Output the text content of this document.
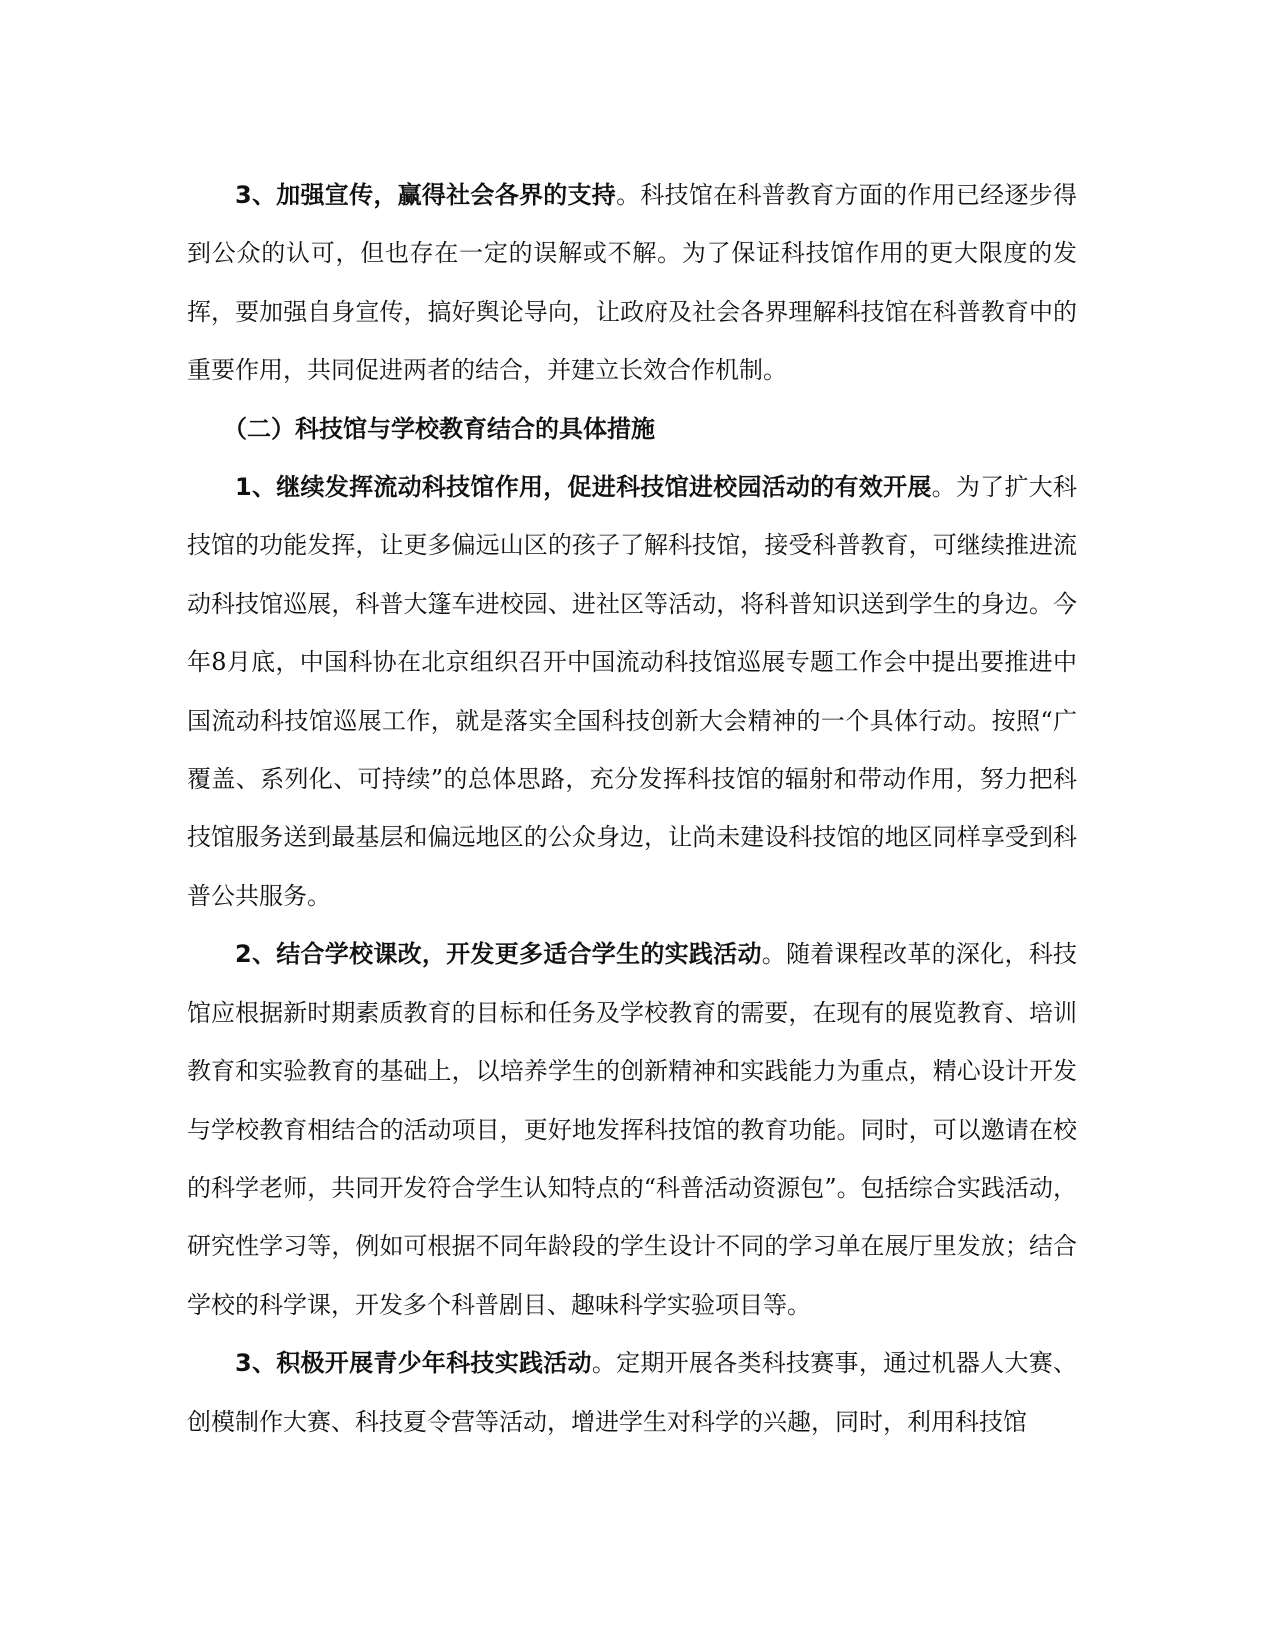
3、加强宣传，赢得社会各界的支持。科技馆在科普教育方面的作用已经逐步得到公众的认可，但也存在一定的误解或不解。为了保证科技馆作用的更大限度的发挥，要加强自身宣传，搞好舆论导向，让政府及社会各界理解科技馆在科普教育中的重要作用，共同促进两者的结合，并建立长效合作机制。

（二）科技馆与学校教育结合的具体措施

1、继续发挥流动科技馆作用，促进科技馆进校园活动的有效开展。为了扩大科技馆的功能发挥，让更多偏远山区的孩子了解科技馆，接受科普教育，可继续推进流动科技馆巡展，科普大篷车进校园、进社区等活动，将科普知识送到学生的身边。今年8月底，中国科协在北京组织召开中国流动科技馆巡展专题工作会中提出要推进中国流动科技馆巡展工作，就是落实全国科技创新大会精神的一个具体行动。按照“广覆盖、系列化、可持续”的总体思路，充分发挥科技馆的辐射和带动作用，努力把科技馆服务送到最基层和偏远地区的公众身边，让尚未建设科技馆的地区同样享受到科普公共服务。

2、结合学校课改，开发更多适合学生的实践活动。随着课程改革的深化，科技馆应根据新时期素质教育的目标和任务及学校教育的需要，在现有的展览教育、培训教育和实验教育的基础上，以培养学生的创新精神和实践能力为重点，精心设计开发与学校教育相结合的活动项目，更好地发挥科技馆的教育功能。同时，可以邀请在校的科学老师，共同开发符合学生认知特点的“科普活动资源包”。包括综合实践活动，研究性学习等，例如可根据不同年龄段的学生设计不同的学习单在展厅里发放；结合学校的科学课，开发多个科普剧目、趣味科学实验项目等。

3、积极开展青少年科技实践活动。定期开展各类科技赛事，通过机器人大赛、创模制作大赛、科技夏令营等活动，增进学生对科学的兴趣，同时，利用科技馆
